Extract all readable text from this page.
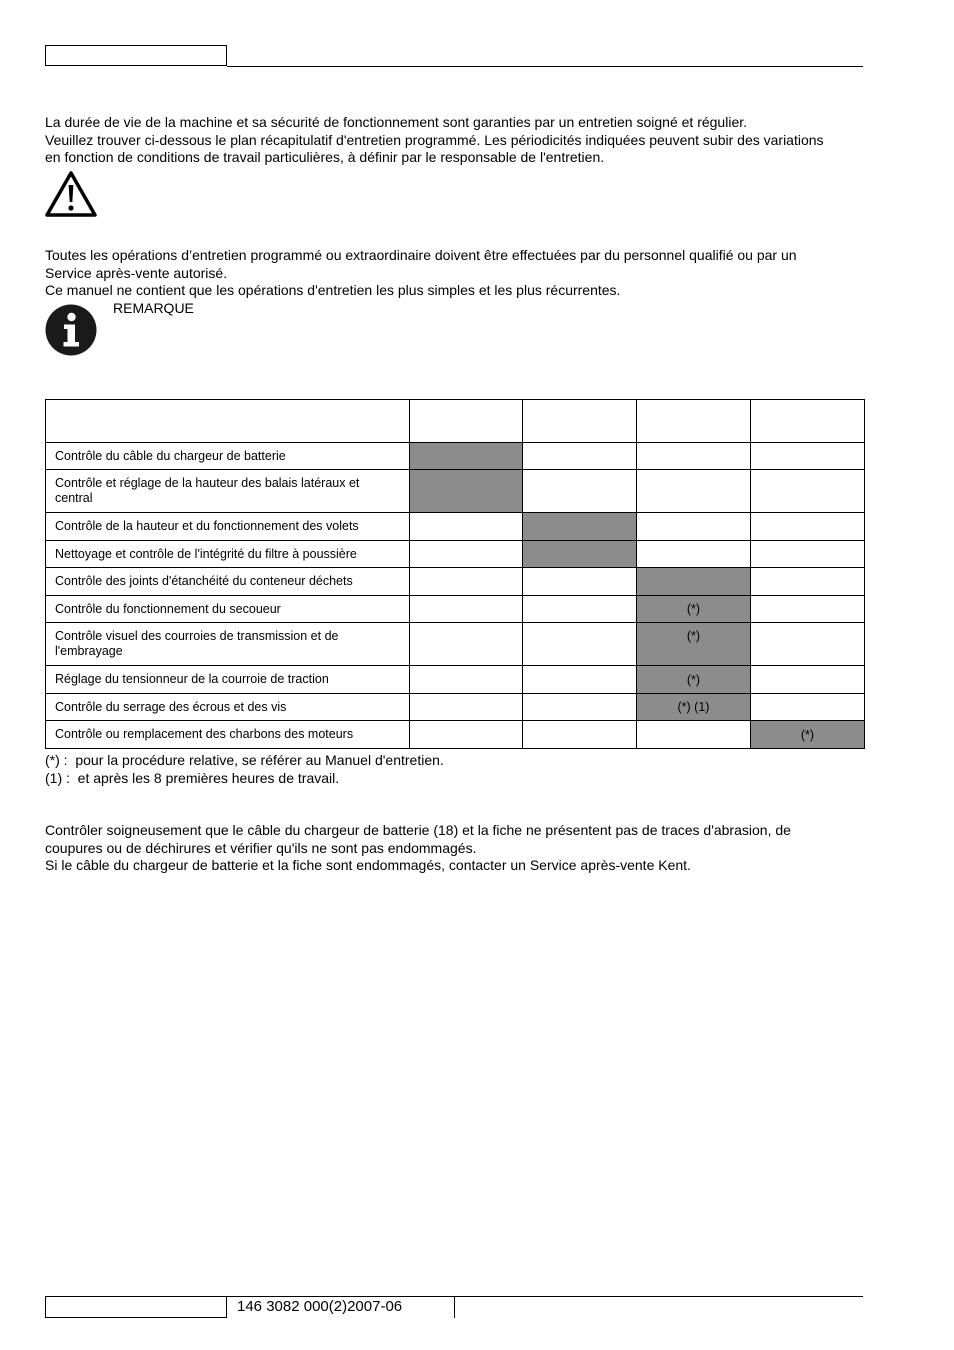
La durée de vie de la machine et sa sécurité de fonctionnement sont garanties par un entretien soigné et régulier.
Veuillez trouver ci-dessous le plan récapitulatif d'entretien programmé. Les périodicités indiquées peuvent subir des variations
en fonction de conditions de travail particulières, à définir par le responsable de l'entretien.
Toutes les opérations d’entretien programmé ou extraordinaire doivent être effectuées par du personnel qualifié ou par un
Service après-vente autorisé.
Ce manuel ne contient que les opérations d'entretien les plus simples et les plus récurrentes.
REMARQUE

Contrôle du câble du chargeur de batterie				

Contrôle et réglage de la hauteur des balais latéraux et
central				

Contrôle de la hauteur et du fonctionnement des volets				

Nettoyage et contrôle de l'intégrité du filtre à poussière				

Contrôle des joints d'étanchéité du conteneur déchets				

Contrôle du fonctionnement du secoueur			(*)	

Contrôle visuel des courroies de transmission et de
l'embrayage			(*)	

Réglage du tensionneur de la courroie de traction			(*)	

Contrôle du serrage des écrous et des vis			(*) (1)	

Contrôle ou remplacement des charbons des moteurs				(*)
(*) : pour la procédure relative, se référer au Manuel d'entretien.
(1) : et après les 8 premières heures de travail.
Contrôler soigneusement que le câble du chargeur de batterie (18) et la fiche ne présentent pas de traces d'abrasion, de
coupures ou de déchirures et vérifier qu'ils ne sont pas endommagés.
Si le câble du chargeur de batterie et la fiche sont endommagés, contacter un Service après-vente Kent.
146 3082 000(2)2007-06
